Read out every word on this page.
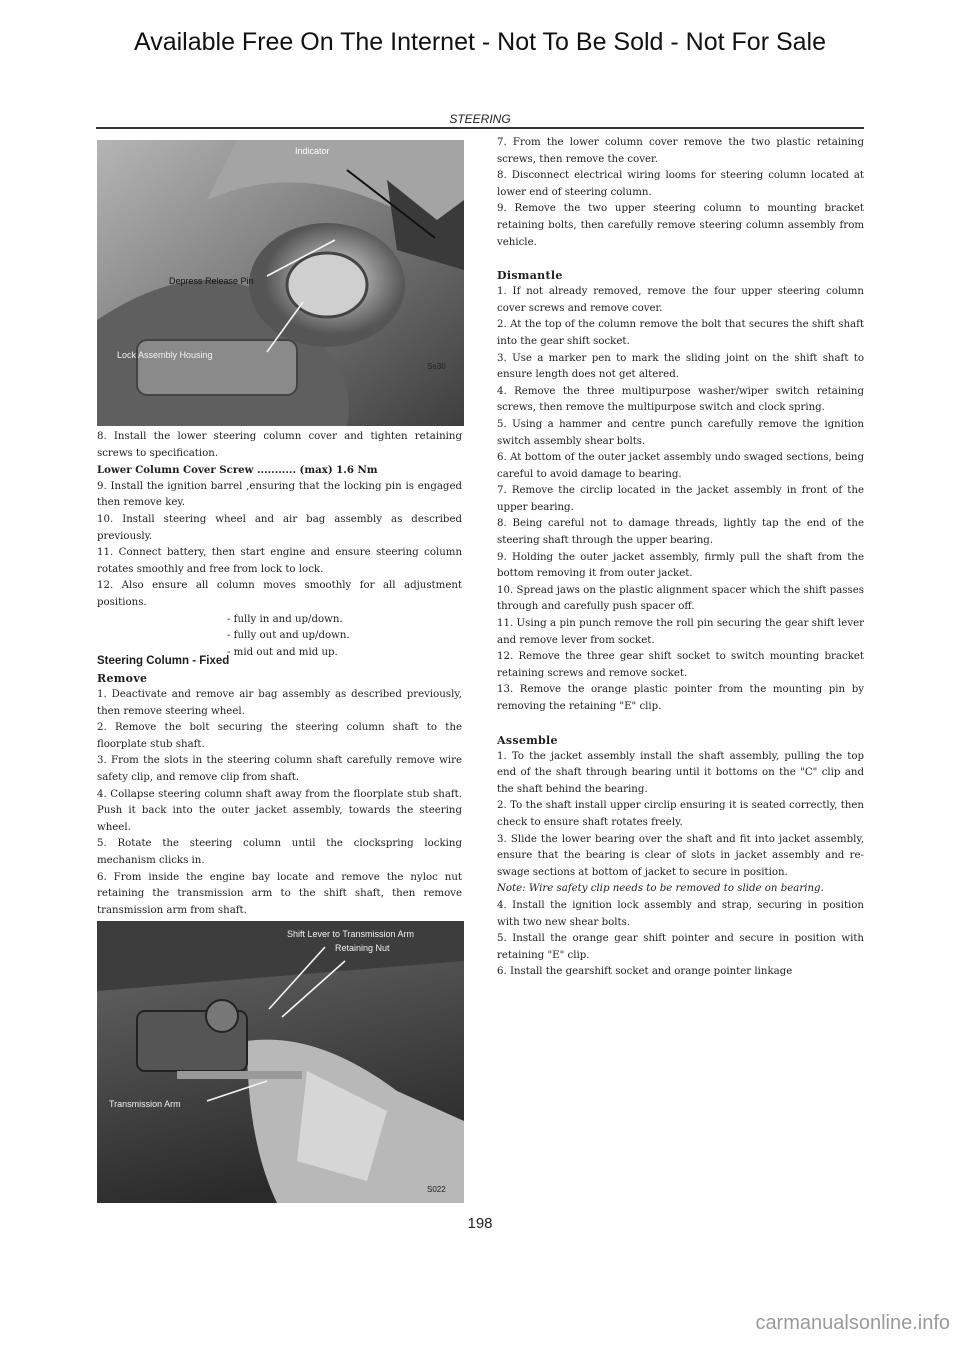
Available Free On The Internet - Not To Be Sold - Not For Sale
STEERING
Indicator
Depress Release Pin
Lock Assembly Housing
Se30

8. Install the lower steering column cover and tighten retaining screws to specification.

Lower Column Cover Screw ........... (max) 1.6 Nm

9. Install the ignition barrel ,ensuring that the locking pin is engaged then remove key.

10. Install steering wheel and air bag assembly as described previously.

11. Connect battery, then start engine and ensure steering column rotates smoothly and free from lock to lock.

12. Also ensure all column moves smoothly for all adjustment positions.

- fully in and up/down.
- fully out and up/down.
- mid out and mid up.

Steering Column - Fixed

Remove

1. Deactivate and remove air bag assembly as described previously, then remove steering wheel.

2. Remove the bolt securing the steering column shaft to the floorplate stub shaft.

3. From the slots in the steering column shaft carefully remove wire safety clip, and remove clip from shaft.

4. Collapse steering column shaft away from the floorplate stub shaft. Push it back into the outer jacket assembly, towards the steering wheel.

5. Rotate the steering column until the clockspring locking mechanism clicks in.

6. From inside the engine bay locate and remove the nyloc nut retaining the transmission arm to the shift shaft, then remove transmission arm from shaft.

Shift Lever to Transmission Arm
Retaining Nut
Transmission Arm
S022

7. From the lower column cover remove the two plastic retaining screws, then remove the cover.

8. Disconnect electrical wiring looms for steering column located at lower end of steering column.

9. Remove the two upper steering column to mounting bracket retaining bolts, then carefully remove steering column assembly from vehicle.

Dismantle

1. If not already removed, remove the four upper steering column cover screws and remove cover.

2. At the top of the column remove the bolt that secures the shift shaft into the gear shift socket.

3. Use a marker pen to mark the sliding joint on the shift shaft to ensure length does not get altered.

4. Remove the three multipurpose washer/wiper switch retaining screws, then remove the multipurpose switch and clock spring.

5. Using a hammer and centre punch carefully remove the ignition switch assembly shear bolts.

6. At bottom of the outer jacket assembly undo swaged sections, being careful to avoid damage to bearing.

7. Remove the circlip located in the jacket assembly in front of the upper bearing.

8. Being careful not to damage threads, lightly tap the end of the steering shaft through the upper bearing.

9. Holding the outer jacket assembly, firmly pull the shaft from the bottom removing it from outer jacket.

10. Spread jaws on the plastic alignment spacer which the shift passes through and carefully push spacer off.

11. Using a pin punch remove the roll pin securing the gear shift lever and remove lever from socket.

12. Remove the three gear shift socket to switch mounting bracket retaining screws and remove socket.

13. Remove the orange plastic pointer from the mounting pin by removing the retaining "E" clip.

Assemble

1. To the jacket assembly install the shaft assembly, pulling the top end of the shaft through bearing until it bottoms on the "C" clip and the shaft behind the bearing.

2. To the shaft install upper circlip ensuring it is seated correctly, then check to ensure shaft rotates freely.

3. Slide the lower bearing over the shaft and fit into jacket assembly, ensure that the bearing is clear of slots in jacket assembly and re-swage sections at bottom of jacket to secure in position.

Note: Wire safety clip needs to be removed to slide on bearing.

4. Install the ignition lock assembly and strap, securing in position with two new shear bolts.

5. Install the orange gear shift pointer and secure in position with retaining "E" clip.

6. Install the gearshift socket and orange pointer linkage

198
carmanualsonline.info
